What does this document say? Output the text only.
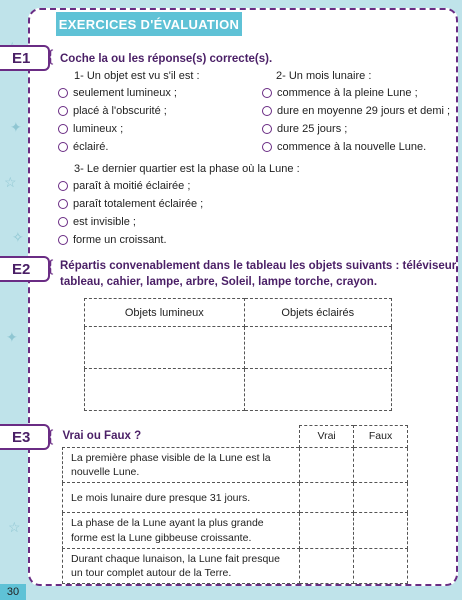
✦
☆
✧
✦
☆
EXERCICES D'ÉVALUATION
E1	{ Coche la ou les réponse(s) correcte(s).
1- Un objet est vu s'il est :
seulement lumineux ;
placé à l'obscurité ;
lumineux ;
éclairé.
2- Un mois lunaire :
commence à la pleine Lune ;
dure en moyenne 29 jours et demi ;
dure 25 jours ;
commence à la nouvelle Lune.
3- Le dernier quartier est la phase où la Lune :
paraît à moitié éclairée ;
paraît totalement éclairée ;
est invisible ;
forme un croissant.
E2	{ Répartis convenablement dans le tableau les objets suivants : téléviseur,
tableau, cahier, lampe, arbre, Soleil, lampe torche, crayon.
Objets lumineux	Objets éclairés

E3	{ Vrai ou Faux ?	Vrai	Faux
La première phase visible de la Lune est la nouvelle Lune.		
Le mois lunaire dure presque 31 jours.		
La phase de la Lune ayant la plus grande forme est la Lune gibbeuse croissante.		
Durant chaque lunaison, la Lune fait presque un tour complet autour de la Terre.		
30
